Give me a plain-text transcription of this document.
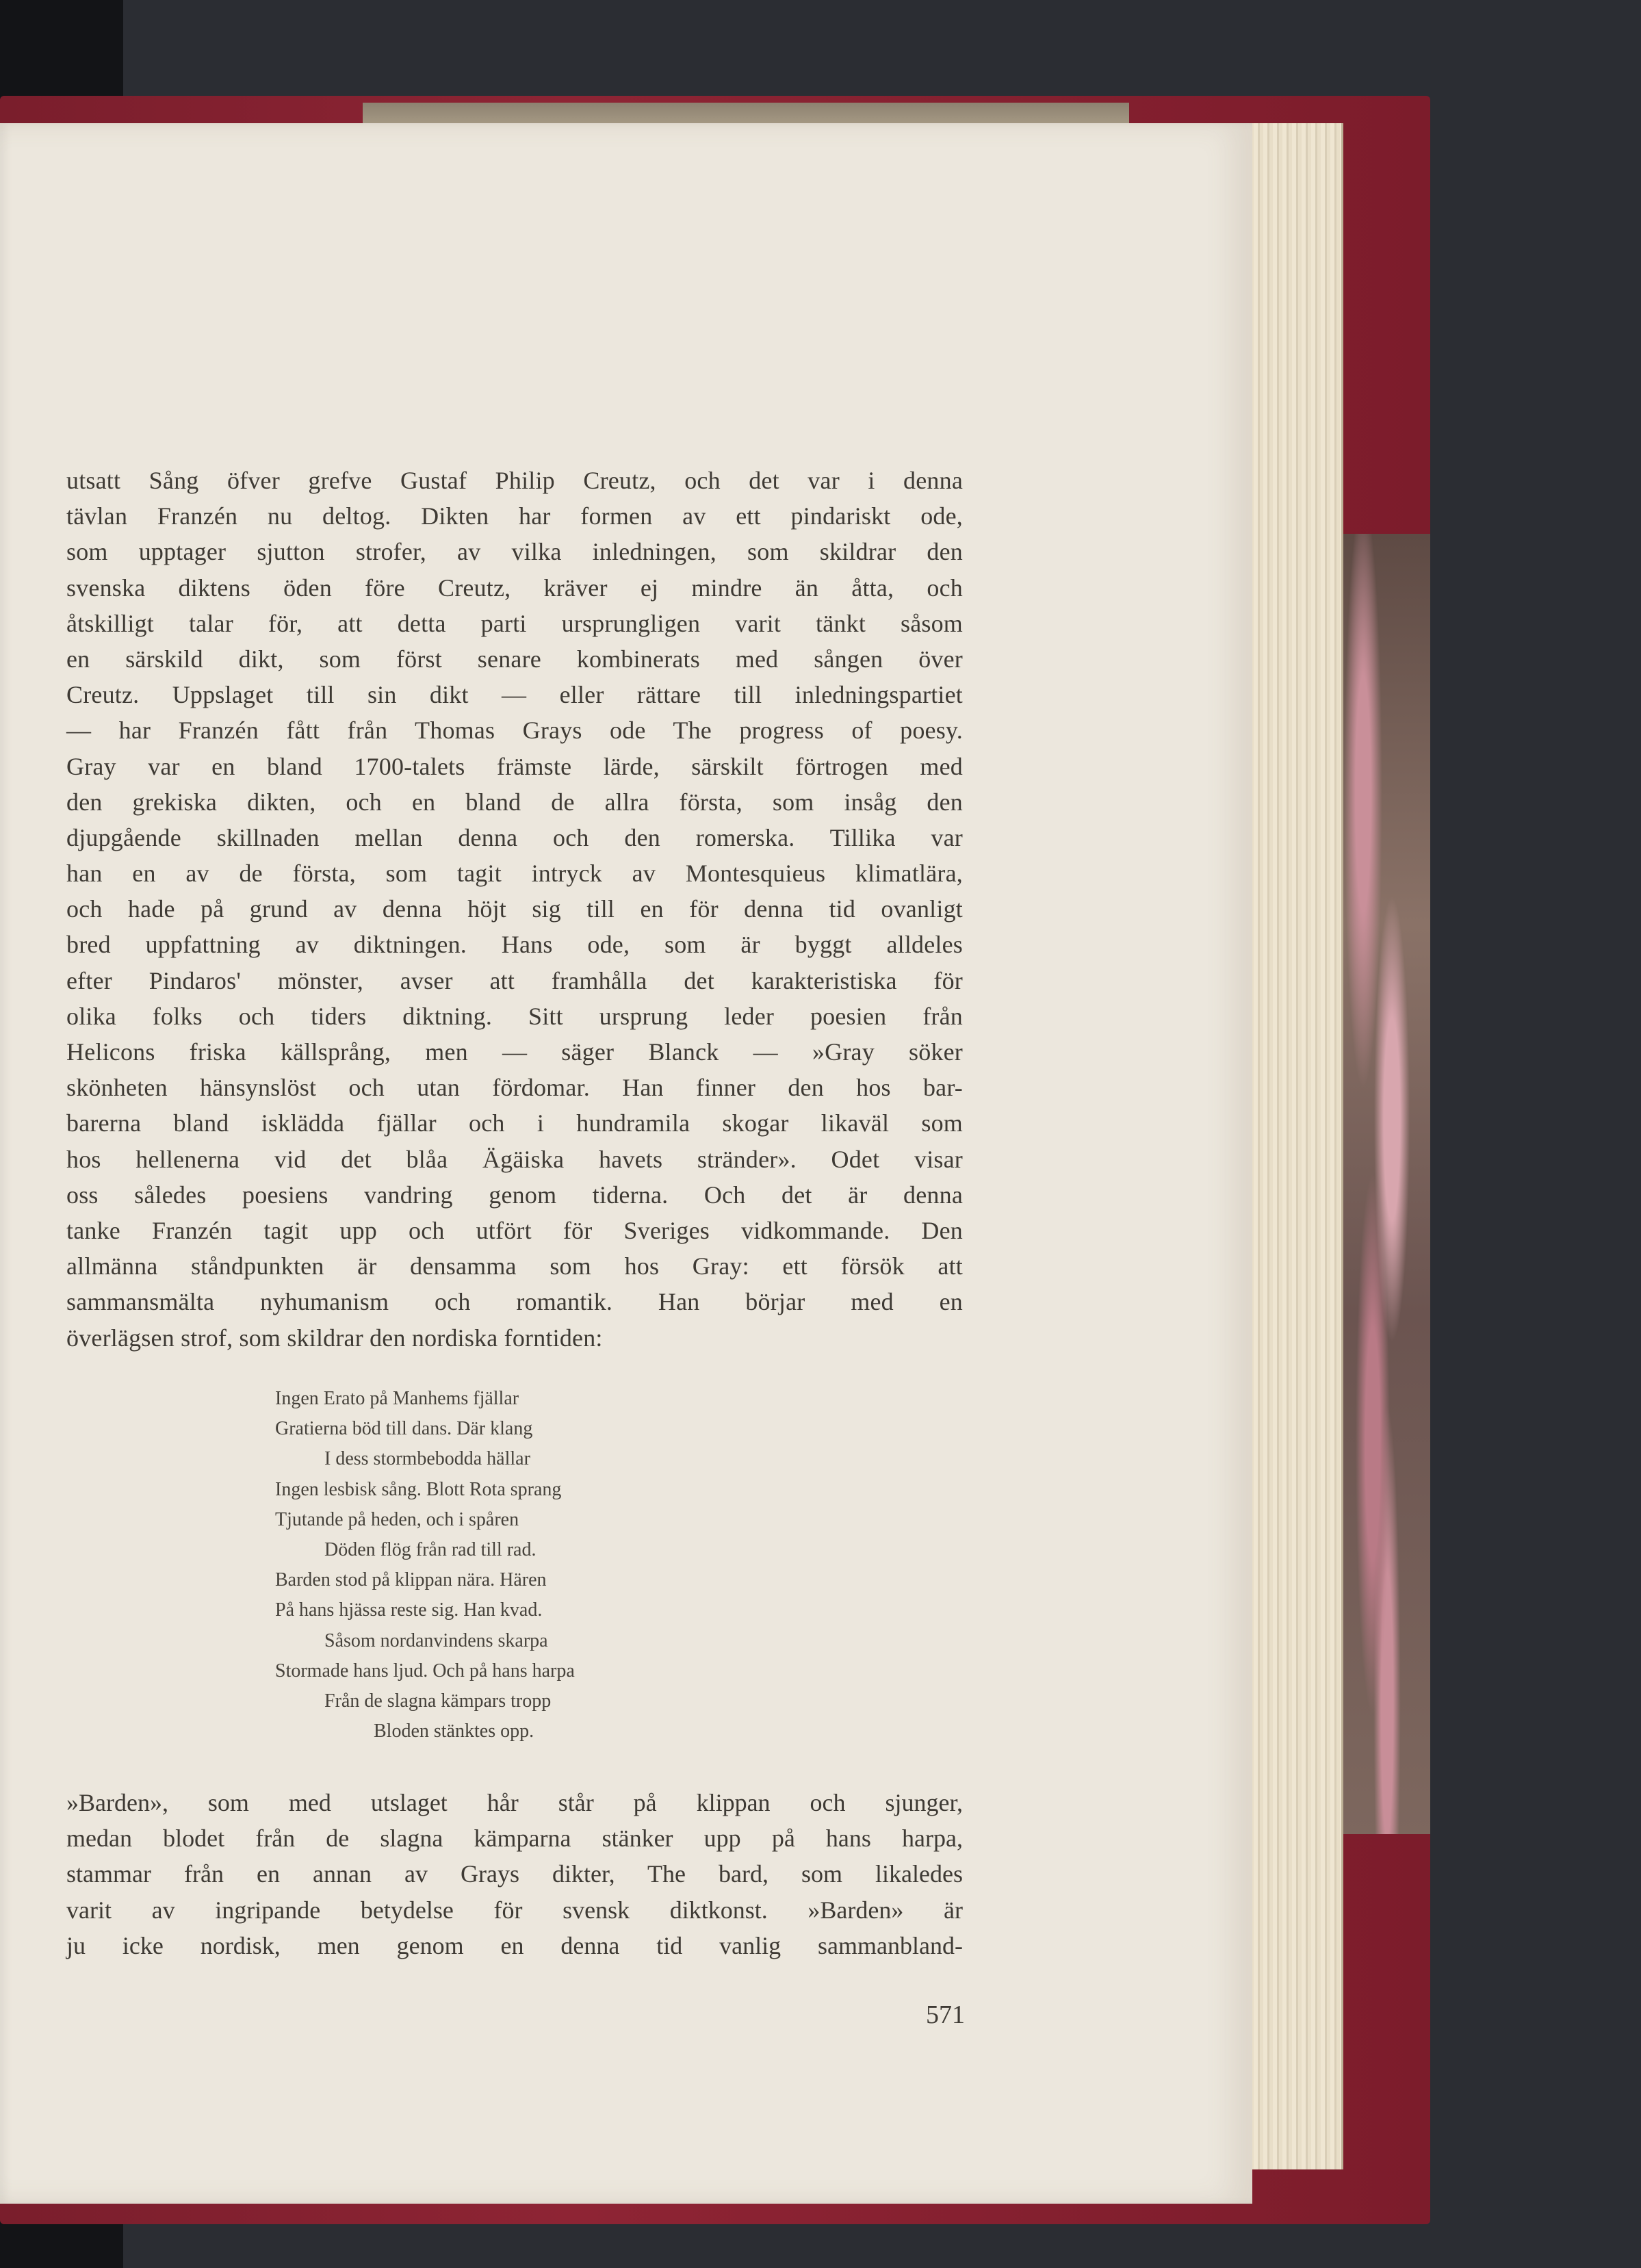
utsatt Sång öfver grefve Gustaf Philip Creutz, och det var i denna
tävlan Franzén nu deltog. Dikten har formen av ett pindariskt ode,
som upptager sjutton strofer, av vilka inledningen, som skildrar den
svenska diktens öden före Creutz, kräver ej mindre än åtta, och
åtskilligt talar för, att detta parti ursprungligen varit tänkt såsom
en särskild dikt, som först senare kombinerats med sången över
Creutz. Uppslaget till sin dikt — eller rättare till inledningspartiet
— har Franzén fått från Thomas Grays ode The progress of poesy.
Gray var en bland 1700-talets främste lärde, särskilt förtrogen med
den grekiska dikten, och en bland de allra första, som insåg den
djupgående skillnaden mellan denna och den romerska. Tillika var
han en av de första, som tagit intryck av Montesquieus klimatlära,
och hade på grund av denna höjt sig till en för denna tid ovanligt
bred uppfattning av diktningen. Hans ode, som är byggt alldeles
efter Pindaros' mönster, avser att framhålla det karakteristiska för
olika folks och tiders diktning. Sitt ursprung leder poesien från
Helicons friska källsprång, men — säger Blanck — »Gray söker
skönheten hänsynslöst och utan fördomar. Han finner den hos bar-
barerna bland isklädda fjällar och i hundramila skogar likaväl som
hos hellenerna vid det blåa Ägäiska havets stränder». Odet visar
oss således poesiens vandring genom tiderna. Och det är denna
tanke Franzén tagit upp och utfört för Sveriges vidkommande. Den
allmänna ståndpunkten är densamma som hos Gray: ett försök att
sammansmälta nyhumanism och romantik. Han börjar med en
överlägsen strof, som skildrar den nordiska forntiden:
Ingen Erato på Manhems fjällar
Gratierna böd till dans. Där klang
I dess stormbebodda hällar
Ingen lesbisk sång. Blott Rota sprang
Tjutande på heden, och i spåren
Döden flög från rad till rad.
Barden stod på klippan nära. Hären
På hans hjässa reste sig. Han kvad.
Såsom nordanvindens skarpa
Stormade hans ljud. Och på hans harpa
Från de slagna kämpars tropp
Bloden stänktes opp.
»Barden», som med utslaget hår står på klippan och sjunger,
medan blodet från de slagna kämparna stänker upp på hans harpa,
stammar från en annan av Grays dikter, The bard, som likaledes
varit av ingripande betydelse för svensk diktkonst. »Barden» är
ju icke nordisk, men genom en denna tid vanlig sammanbland-
571
